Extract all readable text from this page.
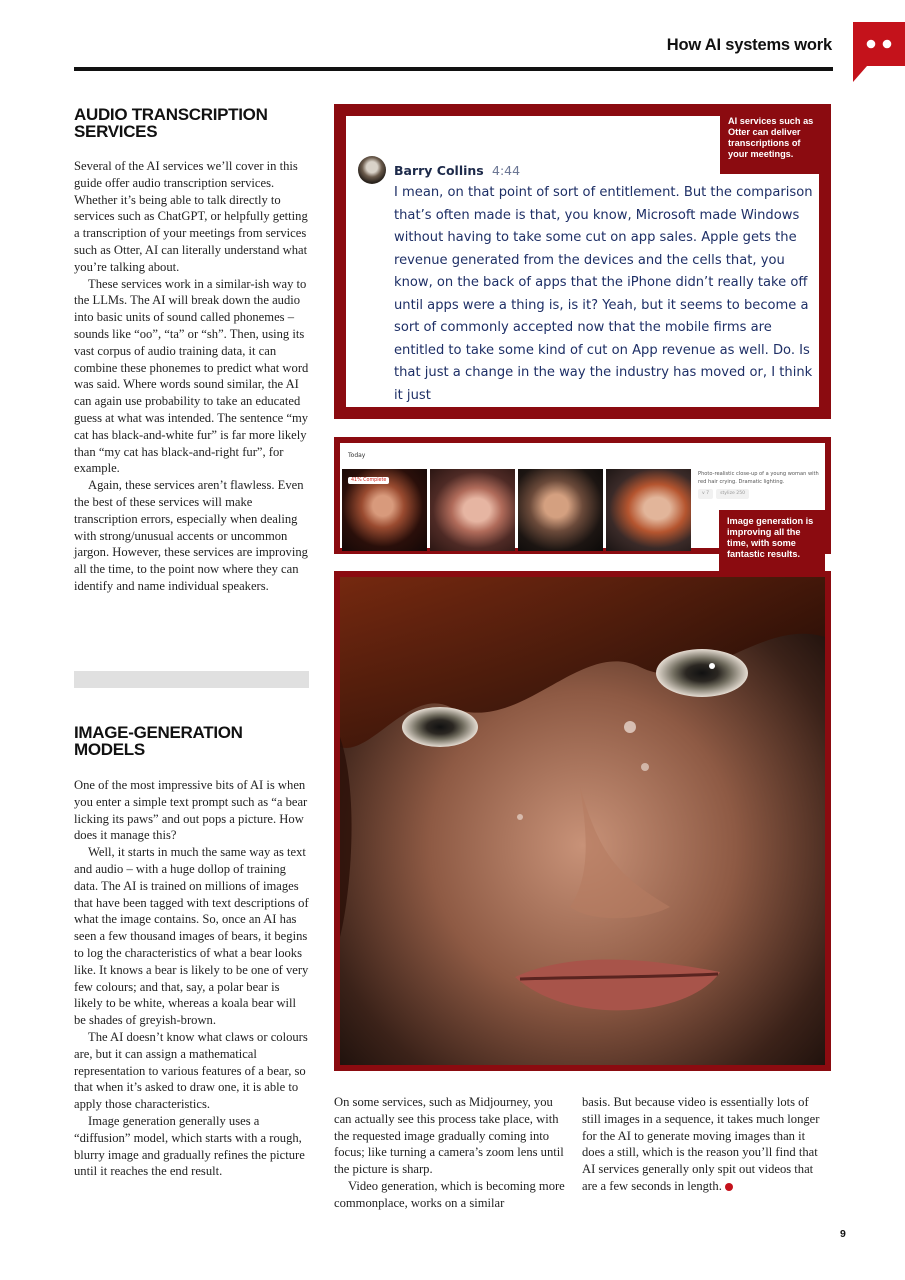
How AI systems work
AUDIO TRANSCRIPTION SERVICES

Several of the AI services we’ll cover in this guide offer audio transcription services. Whether it’s being able to talk directly to services such as ChatGPT, or helpfully getting a transcription of your meetings from services such as Otter, AI can literally understand what you’re talking about.

These services work in a similar-ish way to the LLMs. The AI will break down the audio into basic units of sound called phonemes – sounds like “oo”, “ta” or “sh”. Then, using its vast corpus of audio training data, it can combine these phonemes to predict what word was said. Where words sound similar, the AI can again use probability to take an educated guess at what was intended. The sentence “my cat has black-and-white fur” is far more likely than “my cat has black-and-right fur”, for example.

Again, these services aren’t flawless. Even the best of these services will make transcription errors, especially when dealing with strong/unusual accents or uncommon jargon. However, these services are improving all the time, to the point now where they can identify and name individual speakers.

IMAGE-GENERATION MODELS

One of the most impressive bits of AI is when you enter a simple text prompt such as “a bear licking its paws” and out pops a picture. How does it manage this?

Well, it starts in much the same way as text and audio – with a huge dollop of training data. The AI is trained on millions of images that have been tagged with text descriptions of what the image contains. So, once an AI has seen a few thousand images of bears, it begins to log the characteristics of what a bear looks like. It knows a bear is likely to be one of very few colours; and that, say, a polar bear is likely to be white, whereas a koala bear will be shades of greyish-brown.

The AI doesn’t know what claws or colours are, but it can assign a mathematical representation to various features of a bear, so that when it’s asked to draw one, it is able to apply those characteristics.

Image generation generally uses a “diffusion” model, which starts with a rough, blurry image and gradually refines the picture until it reaches the end result.

Barry Collins 4:44
I mean, on that point of sort of entitlement. But the comparison that’s often made is that, you know, Microsoft made Windows without having to take some cut on app sales. Apple gets the revenue generated from the devices and the cells that, you know, on the back of apps that the iPhone didn’t really take off until apps were a thing is, is it? Yeah, but it seems to become a sort of commonly accepted now that the mobile firms are entitled to take some kind of cut on App revenue as well. Do. Is that just a change in the way the industry has moved or, I think it just
AI services such as Otter can deliver transcriptions of your meetings.
Today
41% Complete
Photo-realistic close-up of a young woman with red hair crying. Dramatic lighting.
v 7 stylize 250
Image generation is improving all the time, with some fantastic results.

On some services, such as Midjourney, you can actually see this process take place, with the requested image gradually coming into focus; like turning a camera’s zoom lens until the picture is sharp.

Video generation, which is becoming more commonplace, works on a similar

basis. But because video is essentially lots of still images in a sequence, it takes much longer for the AI to generate moving images than it does a still, which is the reason you’ll find that AI services generally only spit out videos that are a few seconds in length.

9
